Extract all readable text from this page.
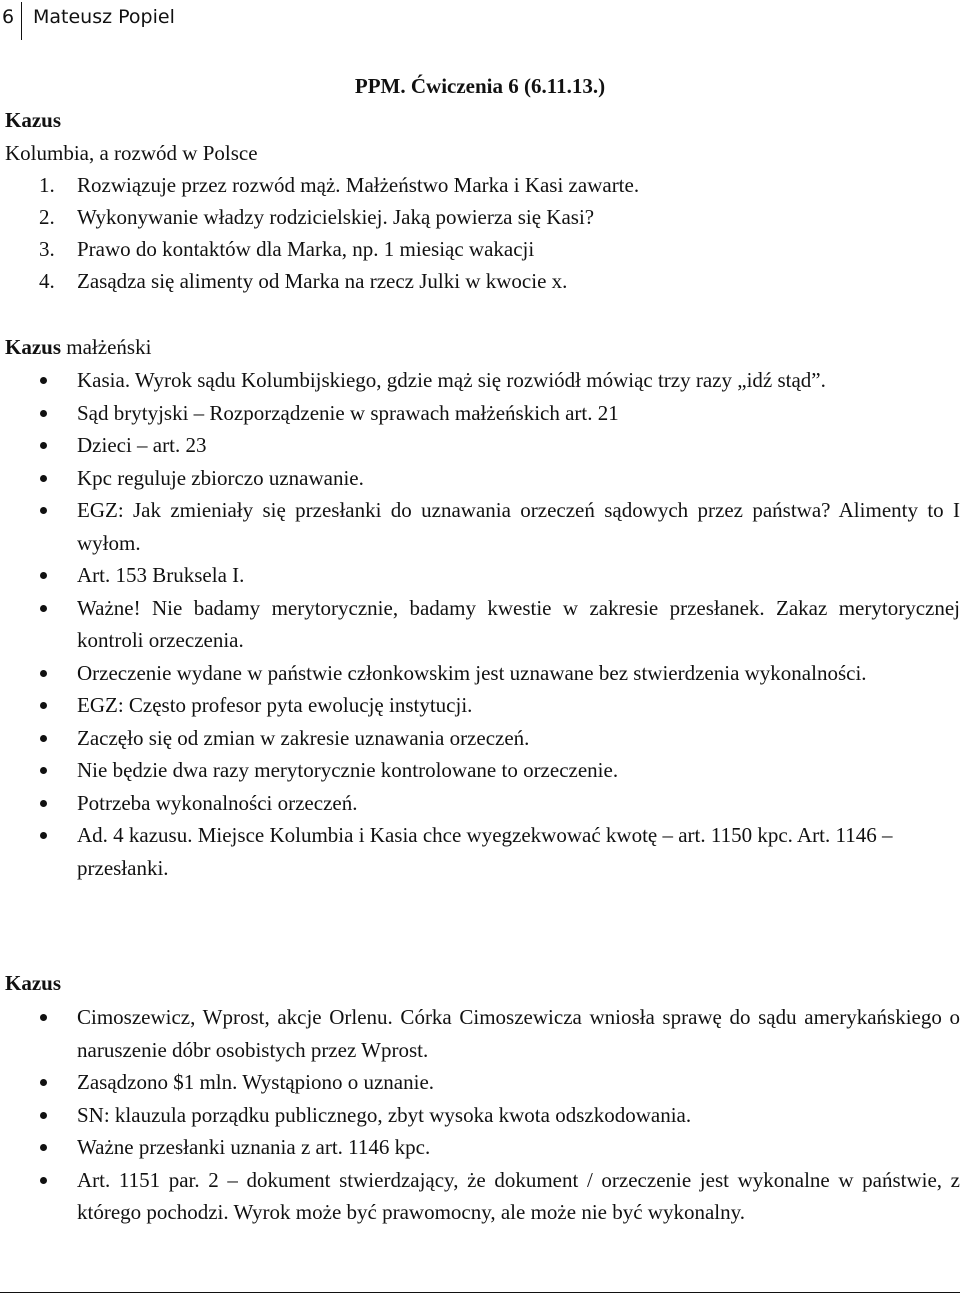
6 Mateusz Popiel
PPM. Ćwiczenia 6 (6.11.13.)
Kazus
Kolumbia, a rozwód w Polsce
1. Rozwiązuje przez rozwód mąż. Małżeństwo Marka i Kasi zawarte.
2. Wykonywanie władzy rodzicielskiej. Jaką powierza się Kasi?
3. Prawo do kontaktów dla Marka, np. 1 miesiąc wakacji
4. Zasądza się alimenty od Marka na rzecz Julki w kwocie x.
Kazus małżeński
Kasia. Wyrok sądu Kolumbijskiego, gdzie mąż się rozwiódł mówiąc trzy razy „idź stąd”.
Sąd brytyjski – Rozporządzenie w sprawach małżeńskich art. 21
Dzieci – art. 23
Kpc reguluje zbiorczo uznawanie.
EGZ: Jak zmieniały się przesłanki do uznawania orzeczeń sądowych przez państwa? Alimenty to I wyłom.
Art. 153 Bruksela I.
Ważne! Nie badamy merytorycznie, badamy kwestie w zakresie przesłanek. Zakaz merytorycznej kontroli orzeczenia.
Orzeczenie wydane w państwie członkowskim jest uznawane bez stwierdzenia wykonalności.
EGZ: Często profesor pyta ewolucję instytucji.
Zaczęło się od zmian w zakresie uznawania orzeczeń.
Nie będzie dwa razy merytorycznie kontrolowane to orzeczenie.
Potrzeba wykonalności orzeczeń.
Ad. 4 kazusu. Miejsce Kolumbia i Kasia chce wyegzekwować kwotę – art. 1150 kpc. Art. 1146 – przesłanki.
Kazus
Cimoszewicz, Wprost, akcje Orlenu. Córka Cimoszewicza wniosła sprawę do sądu amerykańskiego o naruszenie dóbr osobistych przez Wprost.
Zasądzono $1 mln. Wystąpiono o uznanie.
SN: klauzula porządku publicznego, zbyt wysoka kwota odszkodowania.
Ważne przesłanki uznania z art. 1146 kpc.
Art. 1151 par. 2 – dokument stwierdzający, że dokument / orzeczenie jest wykonalne w państwie, z którego pochodzi. Wyrok może być prawomocny, ale może nie być wykonalny.
